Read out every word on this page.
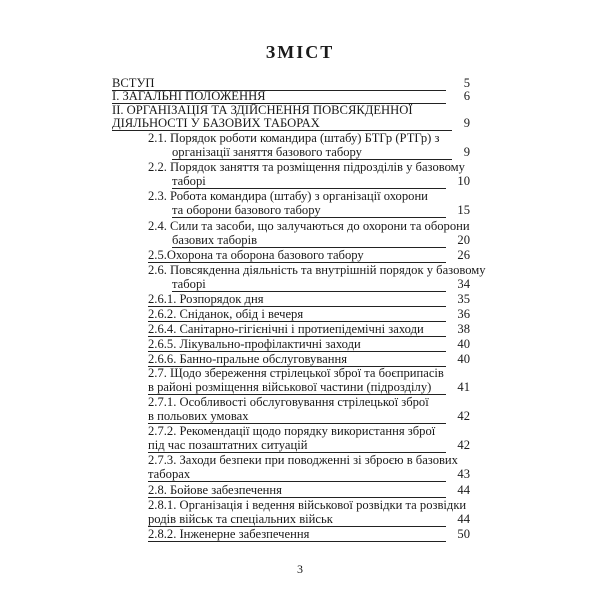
ЗМІСТ
ВСТУП	5
І. ЗАГАЛЬНІ ПОЛОЖЕННЯ	6
ІІ. ОРГАНІЗАЦІЯ ТА ЗДІЙСНЕННЯ ПОВСЯКДЕННОЇ
ДІЯЛЬНОСТІ У БАЗОВИХ ТАБОРАХ	9
2.1. Порядок роботи командира (штабу) БТГр (РТГр) з
організації заняття базового табору	9
2.2. Порядок заняття та розміщення підрозділів у базовому
таборі	10
2.3. Робота командира (штабу) з організації охорони
та оборони базового табору	15
2.4. Сили та засоби, що залучаються до охорони та оборони
базових таборів	20
2.5.Охорона та оборона базового табору	26
2.6. Повсякденна діяльність та внутрішній порядок у базовому
таборі	34
2.6.1. Розпорядок дня	35
2.6.2. Сніданок, обід і вечеря	36
2.6.4. Санітарно-гігієнічні і протиепідемічні заходи	38
2.6.5. Лікувально-профілактичні заходи	40
2.6.6. Банно-пральне обслуговування	40
2.7. Щодо збереження стрілецької зброї та боєприпасів
в районі розміщення військової частини (підрозділу)	41
2.7.1. Особливості обслуговування стрілецької зброї
в польових умовах	42
2.7.2. Рекомендації щодо порядку використання зброї
під час позаштатних ситуацій	42
2.7.3. Заходи безпеки при поводженні зі зброєю в базових
таборах	43
2.8. Бойове забезпечення	44
2.8.1. Організація і ведення військової розвідки та розвідки
родів військ та спеціальних військ	44
2.8.2. Інженерне забезпечення	50
3
